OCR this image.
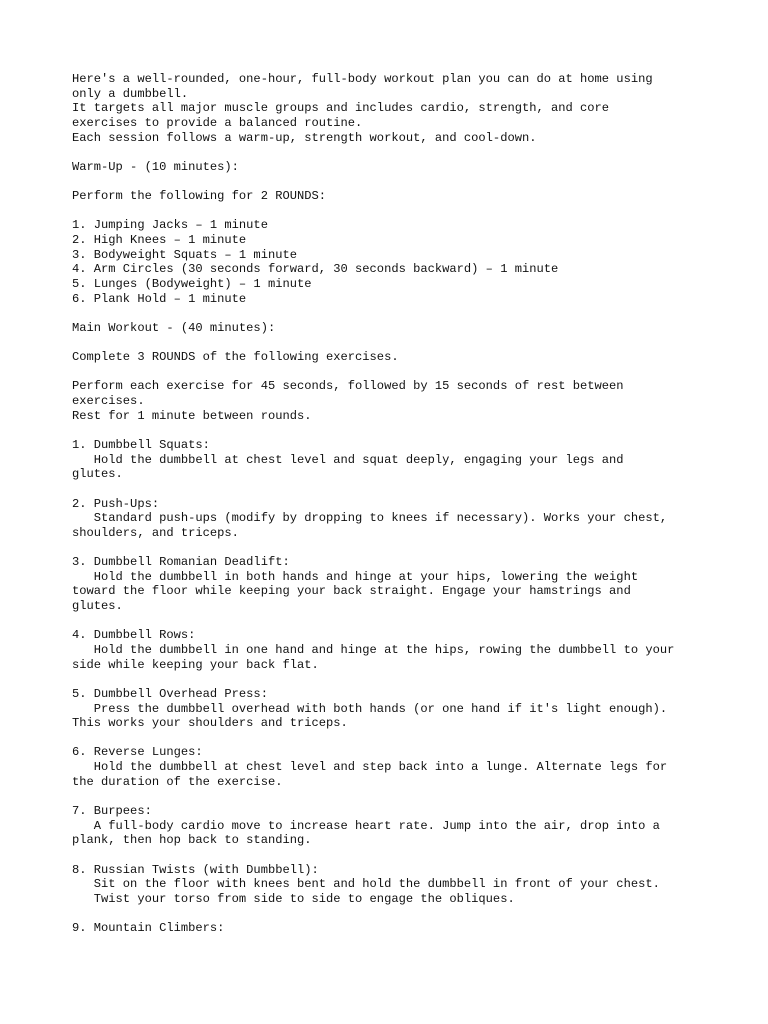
Here's a well-rounded, one-hour, full-body workout plan you can do at home using
only a dumbbell.
It targets all major muscle groups and includes cardio, strength, and core
exercises to provide a balanced routine.
Each session follows a warm-up, strength workout, and cool-down.
Warm-Up - (10 minutes):
Perform the following for 2 ROUNDS:
1. Jumping Jacks – 1 minute
2. High Knees – 1 minute
3. Bodyweight Squats – 1 minute
4. Arm Circles (30 seconds forward, 30 seconds backward) – 1 minute
5. Lunges (Bodyweight) – 1 minute
6. Plank Hold – 1 minute
Main Workout - (40 minutes):
Complete 3 ROUNDS of the following exercises.
Perform each exercise for 45 seconds, followed by 15 seconds of rest between
exercises.
Rest for 1 minute between rounds.
1. Dumbbell Squats:
Hold the dumbbell at chest level and squat deeply, engaging your legs and
glutes.
2. Push-Ups:
Standard push-ups (modify by dropping to knees if necessary). Works your chest,
shoulders, and triceps.
3. Dumbbell Romanian Deadlift:
Hold the dumbbell in both hands and hinge at your hips, lowering the weight
toward the floor while keeping your back straight. Engage your hamstrings and
glutes.
4. Dumbbell Rows:
Hold the dumbbell in one hand and hinge at the hips, rowing the dumbbell to your
side while keeping your back flat.
5. Dumbbell Overhead Press:
Press the dumbbell overhead with both hands (or one hand if it's light enough).
This works your shoulders and triceps.
6. Reverse Lunges:
Hold the dumbbell at chest level and step back into a lunge. Alternate legs for
the duration of the exercise.
7. Burpees:
A full-body cardio move to increase heart rate. Jump into the air, drop into a
plank, then hop back to standing.
8. Russian Twists (with Dumbbell):
Sit on the floor with knees bent and hold the dumbbell in front of your chest.
Twist your torso from side to side to engage the obliques.
9. Mountain Climbers:
